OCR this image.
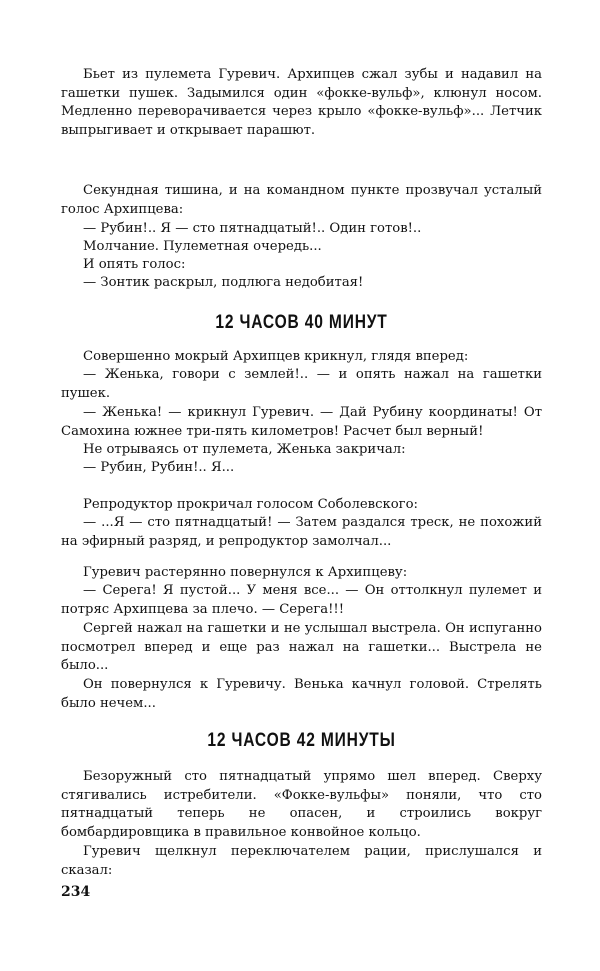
Бьет из пулемета Гуревич. Архипцев сжал зубы и надавил на гашетки пушек. Задымился один «фокке-вульф», клюнул носом. Медленно переворачивается через крыло «фокке-вульф»... Летчик выпрыгивает и открывает парашют.

Секундная тишина, и на командном пункте прозвучал усталый голос Архипцева:

— Рубин!.. Я — сто пятнадцатый!.. Один готов!..

Молчание. Пулеметная очередь...

И опять голос:

— Зонтик раскрыл, подлюга недобитая!

12 ЧАСОВ 40 МИНУТ

Совершенно мокрый Архипцев крикнул, глядя вперед:

— Женька, говори с землей!.. — и опять нажал на гашетки пушек.

— Женька! — крикнул Гуревич. — Дай Рубину координаты! От Самохина южнее три-пять километров! Расчет был верный!

Не отрываясь от пулемета, Женька закричал:

— Рубин, Рубин!.. Я...

Репродуктор прокричал голосом Соболевского:

— ...Я — сто пятнадцатый! — Затем раздался треск, не похожий на эфирный разряд, и репродуктор замолчал...

Гуревич растерянно повернулся к Архипцеву:

— Серега! Я пустой... У меня все... — Он оттолкнул пулемет и потряс Архипцева за плечо. — Серега!!!

Сергей нажал на гашетки и не услышал выстрела. Он испуганно посмотрел вперед и еще раз нажал на гашетки... Выстрела не было...

Он повернулся к Гуревичу. Венька качнул головой. Стрелять было нечем...

12 ЧАСОВ 42 МИНУТЫ

Безоружный сто пятнадцатый упрямо шел вперед. Сверху стягивались истребители. «Фокке-вульфы» поняли, что сто пятнадцатый теперь не опасен, и строились вокруг бомбардировщика в правильное конвойное кольцо.

Гуревич щелкнул переключателем рации, прислушался и сказал:

234
